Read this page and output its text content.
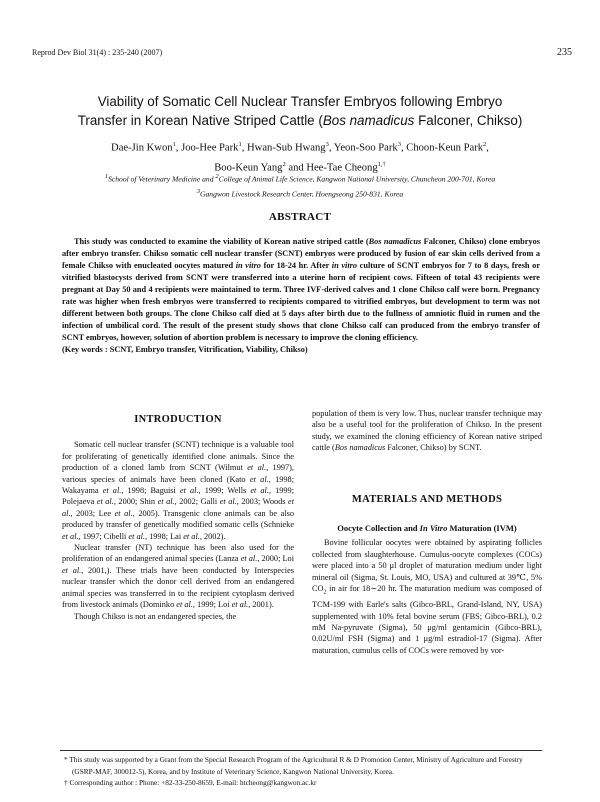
Reprod Dev Biol 31(4) : 235-240 (2007)	235
Viability of Somatic Cell Nuclear Transfer Embryos following Embryo
Transfer in Korean Native Striped Cattle (Bos namadicus Falconer, Chikso)
Dae-Jin Kwon$^1$, Joo-Hee Park$^1$, Hwan-Sub Hwang$^3$, Yeon-Soo Park$^3$, Choon-Keun Park$^2$,
Boo-Keun Yang$^2$ and Hee-Tae Cheong$^{1,\dagger}$
$^1$School of Veterinary Medicine and $^2$College of Animal Life Science, Kangwon National University, Chuncheon 200-701, Korea
$^3$Gangwon Livestock Research Center, Hoengseong 250-831, Korea
ABSTRACT
This study was conducted to examine the viability of Korean native striped cattle (Bos namadicus Falconer, Chikso) clone embryos after embryo transfer. Chikso somatic cell nuclear transfer (SCNT) embryos were produced by fusion of ear skin cells derived from a female Chikso with enucleated oocytes matured in vitro for 18-24 hr. After in vitro culture of SCNT embryos for 7 to 8 days, fresh or vitrified blastocysts derived from SCNT were transferred into a uterine horn of recipient cows. Fifteen of total 43 recipients were pregnant at Day 50 and 4 recipients were maintained to term. Three IVF-derived calves and 1 clone Chikso calf were born. Pregnancy rate was higher when fresh embryos were transferred to recipients compared to vitrified embryos, but development to term was not different between both groups. The clone Chikso calf died at 5 days after birth due to the fullness of amniotic fluid in rumen and the infection of umbilical cord. The result of the present study shows that clone Chikso calf can produced from the embryo transfer of SCNT embryos, however, solution of abortion problem is necessary to improve the cloning efficiency.
(Key words : SCNT, Embryo transfer, Vitrification, Viability, Chikso)
INTRODUCTION

Somatic cell nuclear transfer (SCNT) technique is a valuable tool for proliferating of genetically identified clone animals. Since the production of a cloned lamb from SCNT (Wilmut et al., 1997), various species of animals have been cloned (Kato et al., 1998; Wakayama et al., 1998; Baguisi et al., 1999; Wells et al., 1999; Polejaeva et al., 2000; Shin et al., 2002; Galli et al., 2003; Woods et al., 2003; Lee et al., 2005). Transgenic clone animals can be also produced by transfer of genetically modified somatic cells (Schnieke et al., 1997; Cibelli et al., 1998; Lai et al., 2002).

Nuclear transfer (NT) technique has been also used for the proliferation of an endangered animal species (Lanza et al., 2000; Loi et al., 2001,). These trials have been conducted by Interspecies nuclear transfer which the donor cell derived from an endangered animal species was transferred in to the recipient cytoplasm derived from livestock animals (Dominko et al., 1999; Loi et al., 2001).

Though Chikso is not an endangered species, the

population of them is very low. Thus, nuclear transfer technique may also be a useful tool for the proliferation of Chikso. In the present study, we examined the cloning efficiency of Korean native striped cattle (Bos namadicus Falconer, Chikso) by SCNT.

MATERIALS AND METHODS
Oocyte Collection and In Vitro Maturation (IVM)

Bovine follicular oocytes were obtained by aspirating follicles collected from slaughterhouse. Cumulus-oocyte complexes (COCs) were placed into a 50 μl droplet of maturation medium under light mineral oil (Sigma, St. Louis, MO, USA) and cultured at 39℃, 5% $CO_2$ in air for 18∼20 hr. The maturation medium was composed of TCM-199 with Earle's salts (Gibco-BRL, Grand-Island, NY, USA) supplemented with 10% fetal bovine serum (FBS; Gibco-BRL), 0.2 mM Na-pyruvate (Sigma), 50 μg/ml gentamicin (Gibco-BRL), 0.02U/ml FSH (Sigma) and 1 μg/ml estradiol-17 (Sigma). After maturation, cumulus cells of COCs were removed by vor-

* This study was supported by a Grant from the Special Research Program of the Agricultural R & D Promotion Center, Ministry of Agriculture and Forestry (GSRP-MAF, 300012-5), Korea, and by Institute of Veterinary Science, Kangwon National University, Korea.

† Corresponding author : Phone: +82-33-250-8659, E-mail: htcheong@kangwon.ac.kr
